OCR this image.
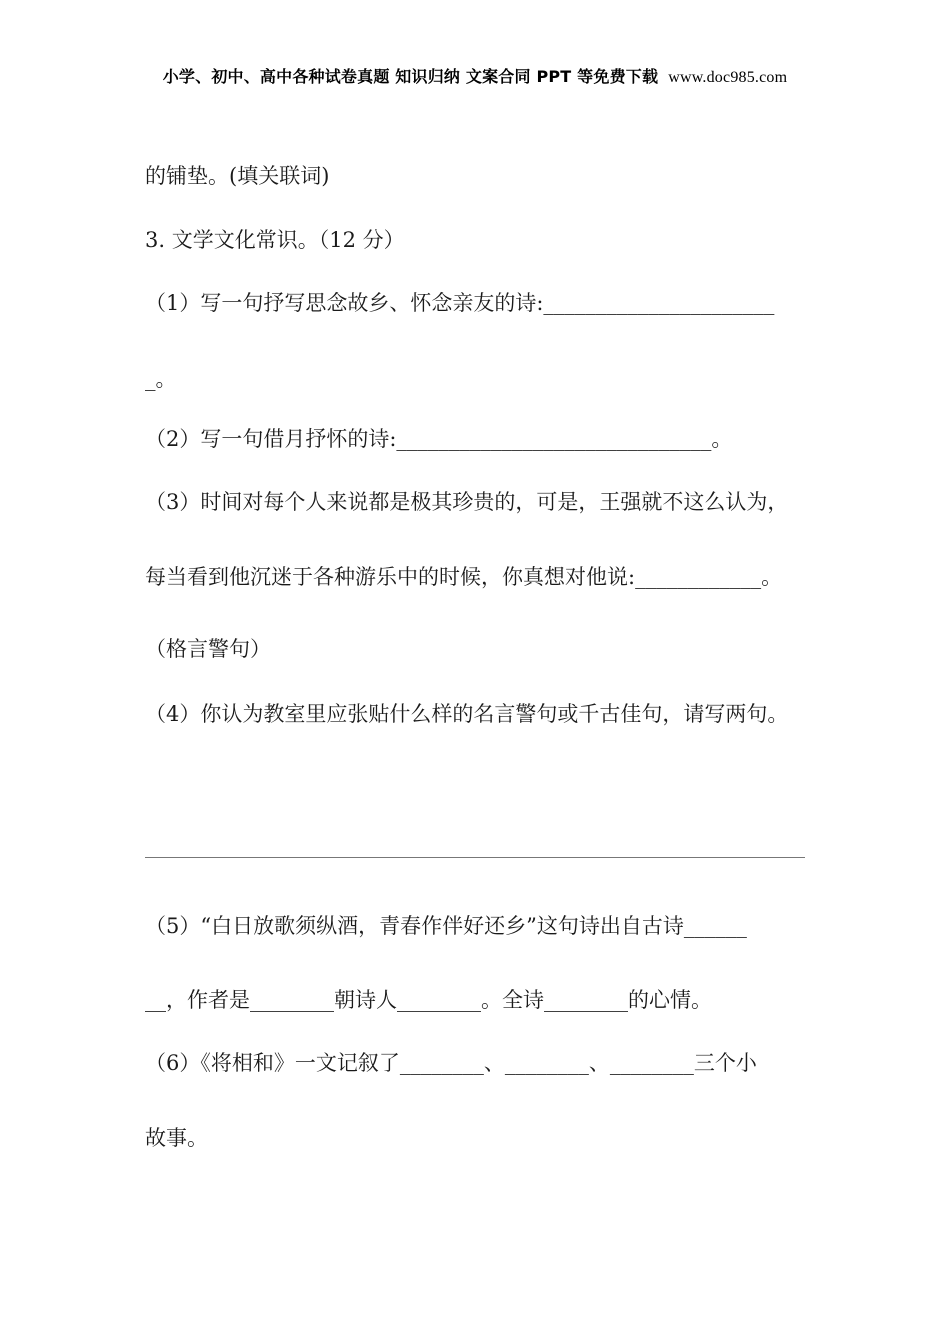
小学、初中、高中各种试卷真题 知识归纳 文案合同 PPT 等免费下载 www.doc985.com
的铺垫。(填关联词)
3. 文学文化常识。（12 分）
（1）写一句抒写思念故乡、怀念亲友的诗:______________________
_。
（2）写一句借月抒怀的诗:______________________________。
（3）时间对每个人来说都是极其珍贵的，可是，王强就不这么认为，
每当看到他沉迷于各种游乐中的时候，你真想对他说:____________。
（格言警句）
（4）你认为教室里应张贴什么样的名言警句或千古佳句，请写两句。
（5）“白日放歌须纵酒，青春作伴好还乡”这句诗出自古诗______
__，作者是________朝诗人________。全诗________的心情。
（6）《将相和》一文记叙了________、________、________三个小
故事。
